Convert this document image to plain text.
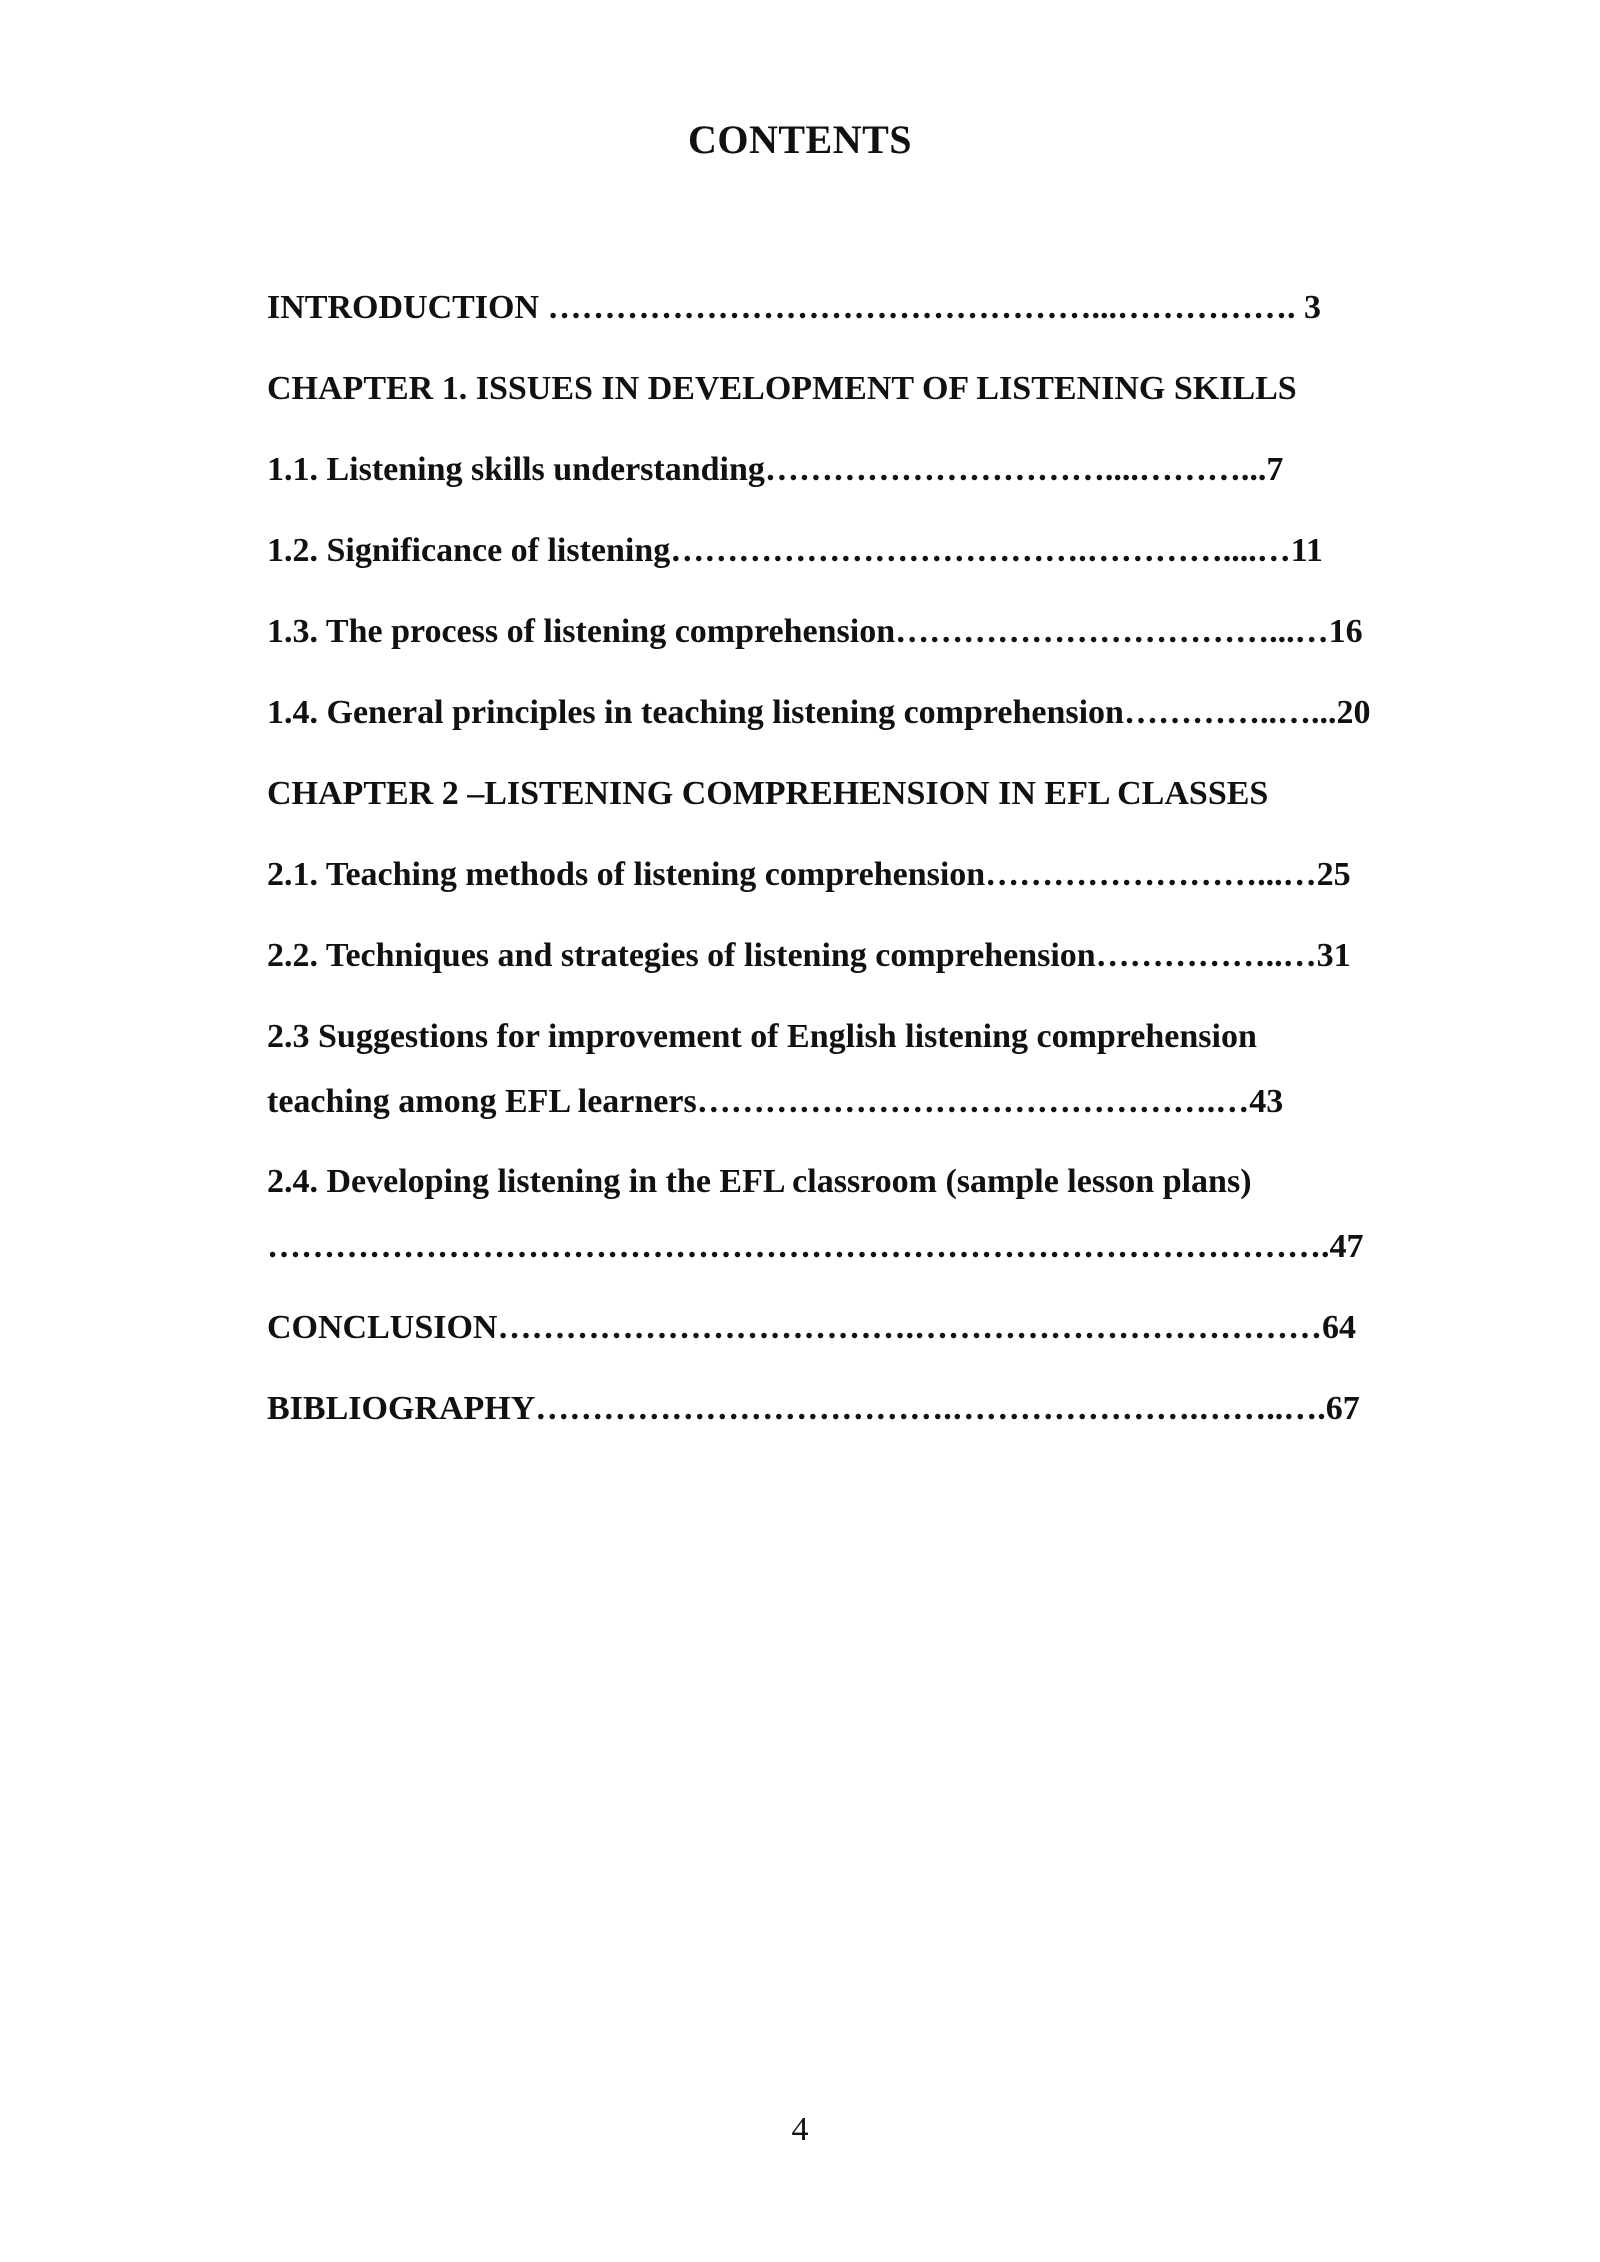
CONTENTS
INTRODUCTION …………………………………………...……………. 3
CHAPTER 1. ISSUES IN DEVELOPMENT OF LISTENING SKILLS
1.1. Listening skills understanding…………………………....………...7
1.2. Significance of listening……………………………….…………....…11
1.3. The process of listening comprehension……………………………...…16
1.4. General principles in teaching listening comprehension…………..…...20
CHAPTER 2 –LISTENING COMPREHENSION IN EFL CLASSES
2.1. Teaching methods of listening comprehension……………………...…25
2.2. Techniques and strategies of listening comprehension……………..…31
2.3 Suggestions for improvement of English listening comprehension
teaching among EFL learners……………………………………….…43
2.4. Developing listening in the EFL classroom (sample lesson plans)
………………………………………………………………………………….47
CONCLUSION……………………………….………………………………64
BIBLIOGRAPHY……………………………….………………….……..….67
4
